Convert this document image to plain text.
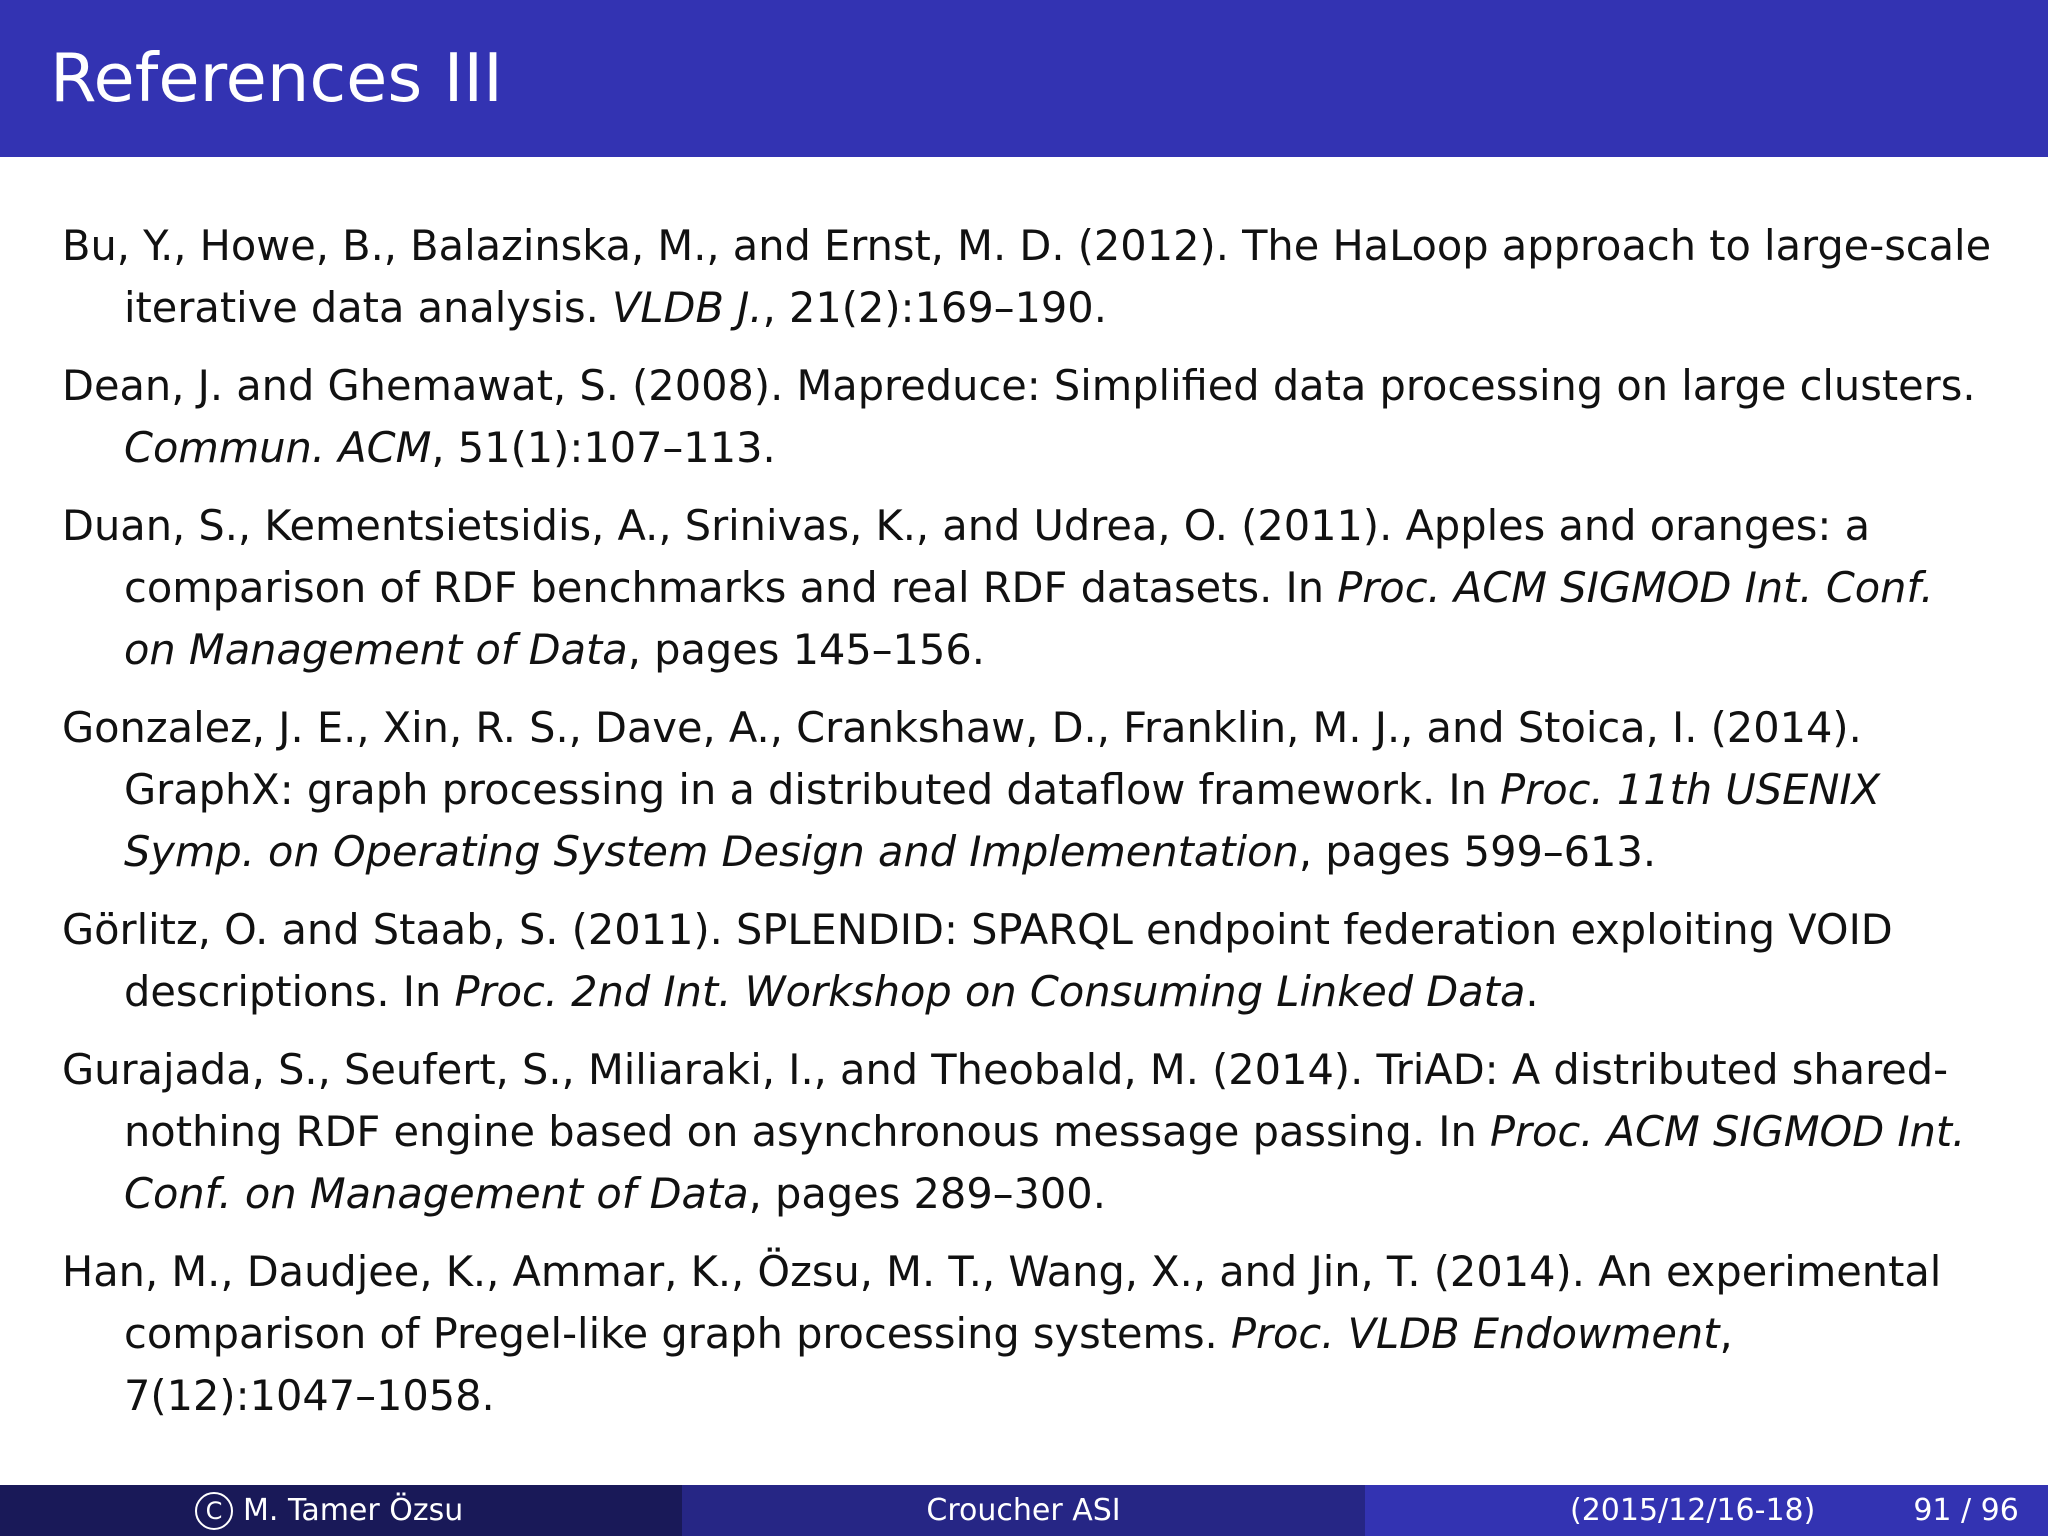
References III

Bu, Y., Howe, B., Balazinska, M., and Ernst, M. D. (2012). The HaLoop approach to large-scale iterative data analysis. VLDB J., 21(2):169–190.

Dean, J. and Ghemawat, S. (2008). Mapreduce: Simplified data processing on large clusters. Commun. ACM, 51(1):107–113.

Duan, S., Kementsietsidis, A., Srinivas, K., and Udrea, O. (2011). Apples and oranges: a comparison of RDF benchmarks and real RDF datasets. In Proc. ACM SIGMOD Int. Conf. on Management of Data, pages 145–156.

Gonzalez, J. E., Xin, R. S., Dave, A., Crankshaw, D., Franklin, M. J., and Stoica, I. (2014). GraphX: graph processing in a distributed dataflow framework. In Proc. 11th USENIX Symp. on Operating System Design and Implementation, pages 599–613.

Görlitz, O. and Staab, S. (2011). SPLENDID: SPARQL endpoint federation exploiting VOID descriptions. In Proc. 2nd Int. Workshop on Consuming Linked Data.

Gurajada, S., Seufert, S., Miliaraki, I., and Theobald, M. (2014). TriAD: A distributed shared-nothing RDF engine based on asynchronous message passing. In Proc. ACM SIGMOD Int. Conf. on Management of Data, pages 289–300.

Han, M., Daudjee, K., Ammar, K., Özsu, M. T., Wang, X., and Jin, T. (2014). An experimental comparison of Pregel-like graph processing systems. Proc. VLDB Endowment, 7(12):1047–1058.

C M. Tamer Özsu	Croucher ASI	(2015/12/16-18)	91 / 96
